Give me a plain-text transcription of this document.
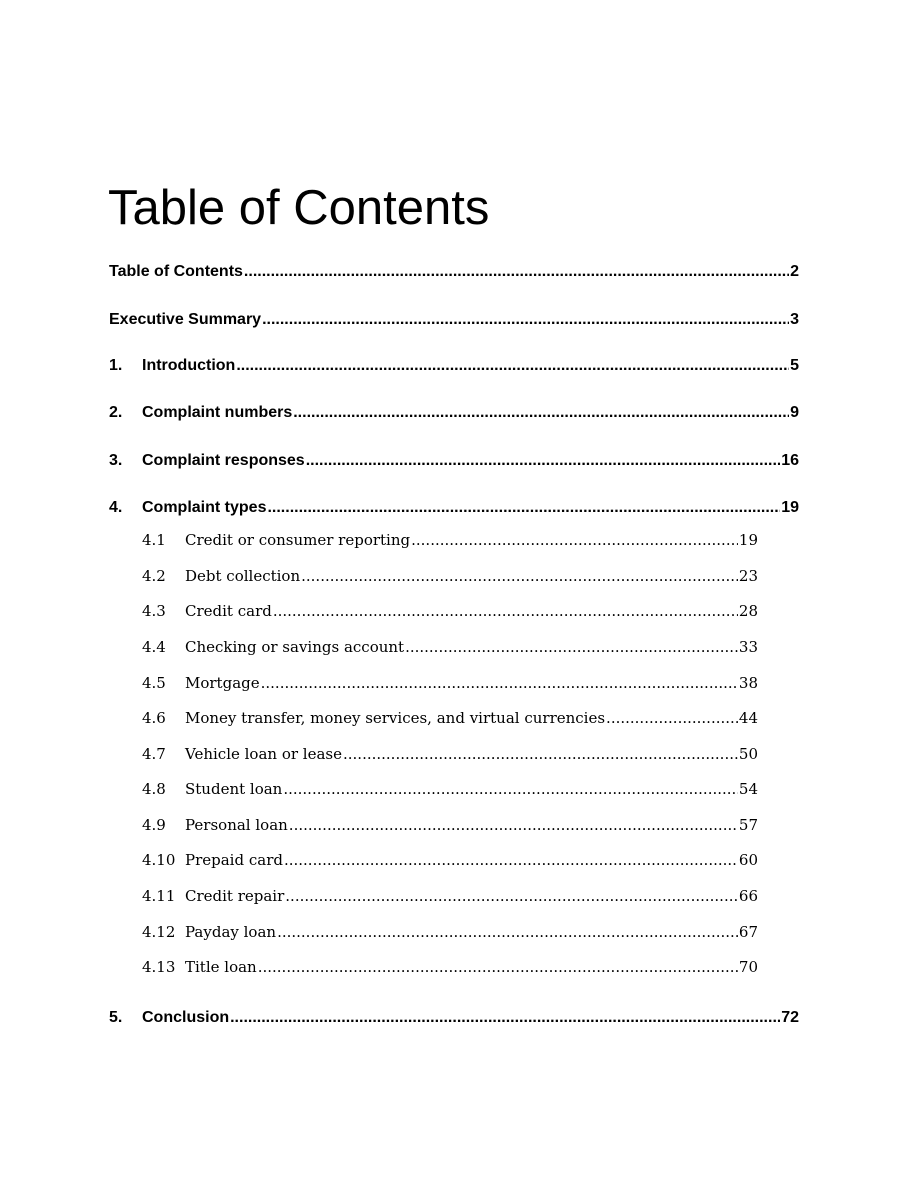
Table of Contents
Table of Contents .....	2
Executive Summary .....	3
1.	Introduction .....	5
2.	Complaint numbers .....	9
3.	Complaint responses .....	16
4.	Complaint types .....	19
4.1	Credit or consumer reporting .....	19
4.2	Debt collection .....	23
4.3	Credit card .....	28
4.4	Checking or savings account .....	33
4.5	Mortgage .....	38
4.6	Money transfer, money services, and virtual currencies .....	44
4.7	Vehicle loan or lease .....	50
4.8	Student loan .....	54
4.9	Personal loan .....	57
4.10 Prepaid card .....	60
4.11 Credit repair .....	66
4.12 Payday loan .....	67
4.13 Title loan .....	70
5.	Conclusion .....	72
